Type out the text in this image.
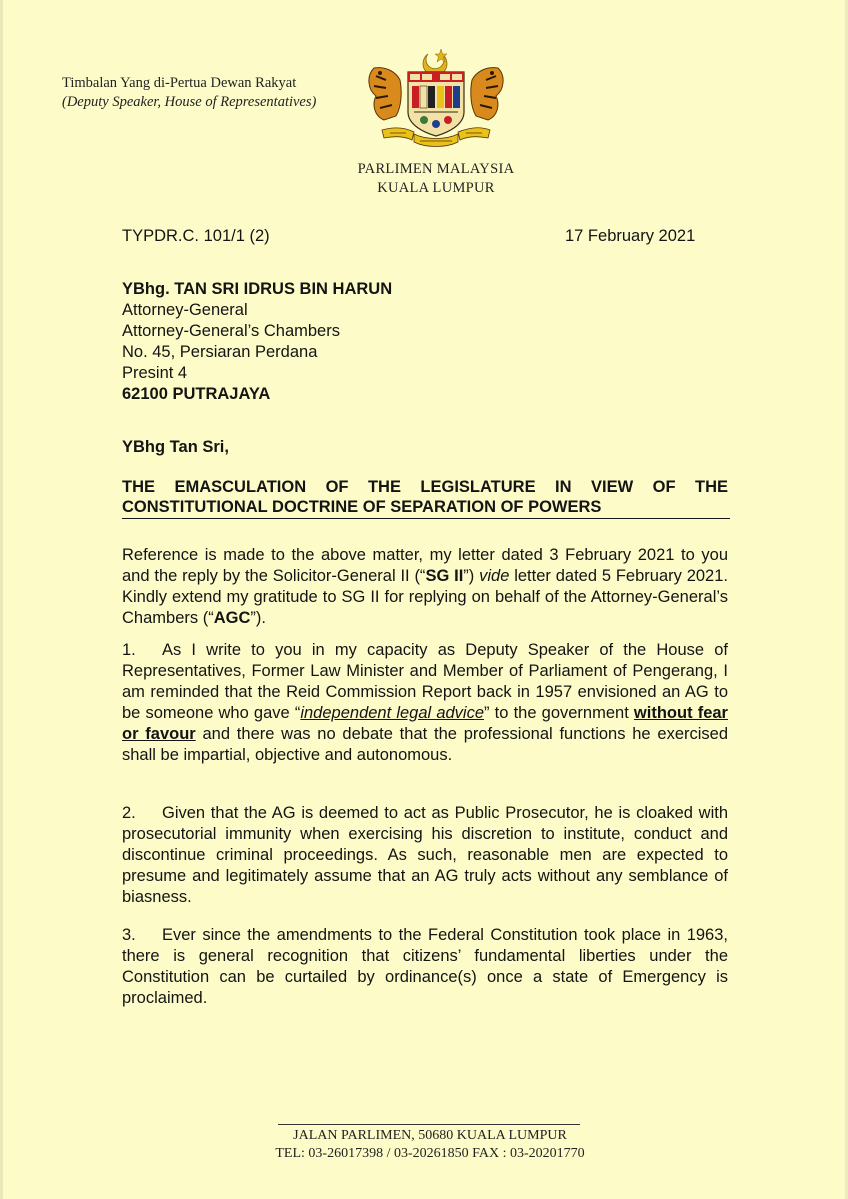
Timbalan Yang di-Pertua Dewan Rakyat
(Deputy Speaker, House of Representatives)
PARLIMEN MALAYSIA
KUALA LUMPUR
TYPDR.C. 101/1 (2)	17 February 2021
YBhg. TAN SRI IDRUS BIN HARUN
Attorney-General
Attorney-General’s Chambers
No. 45, Persiaran Perdana
Presint 4
62100 PUTRAJAYA
YBhg Tan Sri,
THE EMASCULATION OF THE LEGISLATURE IN VIEW OF THE CONSTITUTIONAL DOCTRINE OF SEPARATION OF POWERS
Reference is made to the above matter, my letter dated 3 February 2021 to you and the reply by the Solicitor-General II (“SG II”) vide letter dated 5 February 2021. Kindly extend my gratitude to SG II for replying on behalf of the Attorney-General’s Chambers (“AGC”).
1. As I write to you in my capacity as Deputy Speaker of the House of Representatives, Former Law Minister and Member of Parliament of Pengerang, I am reminded that the Reid Commission Report back in 1957 envisioned an AG to be someone who gave “independent legal advice” to the government without fear or favour and there was no debate that the professional functions he exercised shall be impartial, objective and autonomous.
2. Given that the AG is deemed to act as Public Prosecutor, he is cloaked with prosecutorial immunity when exercising his discretion to institute, conduct and discontinue criminal proceedings. As such, reasonable men are expected to presume and legitimately assume that an AG truly acts without any semblance of biasness.
3. Ever since the amendments to the Federal Constitution took place in 1963, there is general recognition that citizens’ fundamental liberties under the Constitution can be curtailed by ordinance(s) once a state of Emergency is proclaimed.
JALAN PARLIMEN, 50680 KUALA LUMPUR
TEL: 03-26017398 / 03-20261850 FAX : 03-20201770
